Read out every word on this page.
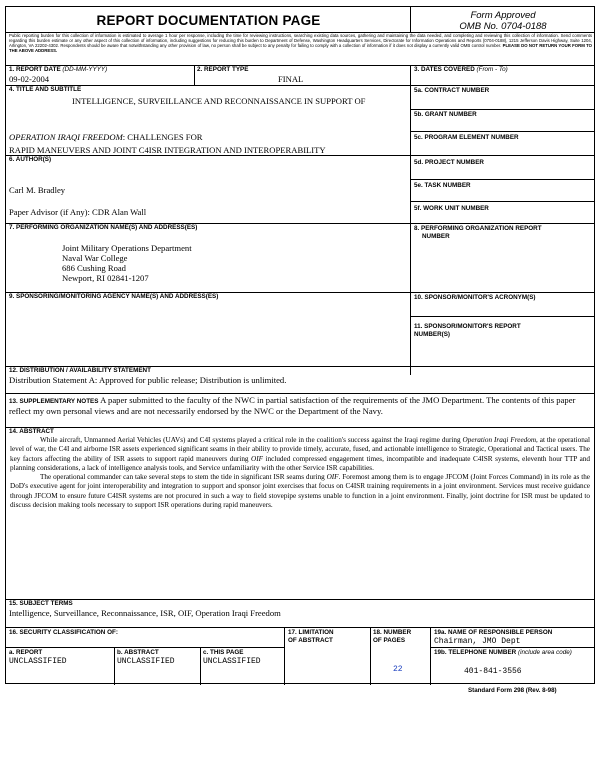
REPORT DOCUMENTATION PAGE	Form Approved
OMB No. 0704-0188
Public reporting burden for this collection of information is estimated to average 1 hour per response, including the time for reviewing instructions, searching existing data sources, gathering and maintaining the data needed, and completing and reviewing this collection of information. Send comments regarding this burden estimate or any other aspect of this collection of information, including suggestions for reducing this burden to Department of Defense, Washington Headquarters Services, Directorate for Information Operations and Reports (0704-0188), 1215 Jefferson Davis Highway, Suite 1204, Arlington, VA 22202-4302. Respondents should be aware that notwithstanding any other provision of law, no person shall be subject to any penalty for failing to comply with a collection of information if it does not display a currently valid OMB control number. PLEASE DO NOT RETURN YOUR FORM TO THE ABOVE ADDRESS.
1. REPORT DATE (DD-MM-YYYY)
09-02-2004
2. REPORT TYPE
FINAL
3. DATES COVERED (From - To)
4. TITLE AND SUBTITLE
INTELLIGENCE, SURVEILLANCE AND RECONNAISSANCE IN SUPPORT OF
OPERATION IRAQI FREEDOM: CHALLENGES FOR
RAPID MANEUVERS AND JOINT C4ISR INTEGRATION AND INTEROPERABILITY
5a. CONTRACT NUMBER
5b. GRANT NUMBER
5c. PROGRAM ELEMENT NUMBER
6. AUTHOR(S)
Carl M. Bradley
Paper Advisor (if Any): CDR Alan Wall
5d. PROJECT NUMBER
5e. TASK NUMBER
5f. WORK UNIT NUMBER
7. PERFORMING ORGANIZATION NAME(S) AND ADDRESS(ES)
Joint Military Operations Department
Naval War College
686 Cushing Road
Newport, RI 02841-1207
8. PERFORMING ORGANIZATION REPORT
NUMBER
9. SPONSORING/MONITORING AGENCY NAME(S) AND ADDRESS(ES)	10. SPONSOR/MONITOR'S ACRONYM(S)
11. SPONSOR/MONITOR'S REPORT
NUMBER(S)
12. DISTRIBUTION / AVAILABILITY STATEMENT
Distribution Statement A: Approved for public release; Distribution is unlimited.
13. SUPPLEMENTARY NOTES A paper submitted to the faculty of the NWC in partial satisfaction of the requirements of the JMO Department. The contents of this paper reflect my own personal views and are not necessarily endorsed by the NWC or the Department of the Navy.
14. ABSTRACT

While aircraft, Unmanned Aerial Vehicles (UAVs) and C4I systems played a critical role in the coalition's success against the Iraqi regime during Operation Iraqi Freedom, at the operational level of war, the C4I and airborne ISR assets experienced significant seams in their ability to provide timely, accurate, fused, and actionable intelligence to Strategic, Operational and Tactical users. The key factors affecting the ability of ISR assets to support rapid maneuvers during OIF included compressed engagement times, incompatible and inadequate C4ISR systems, eleventh hour TTP and planning considerations, a lack of intelligence analysis tools, and Service unfamiliarity with the other Service ISR capabilities.

The operational commander can take several steps to stem the tide in significant ISR seams during OIF. Foremost among them is to engage JFCOM (Joint Forces Command) in its role as the DoD's executive agent for joint interoperability and integration to support and sponsor joint exercises that focus on C4ISR training requirements in a joint environment. Services must receive guidance through JFCOM to ensure future C4ISR systems are not procured in such a way to field stovepipe systems unable to function in a joint environment. Finally, joint doctrine for ISR must be updated to discuss decision making tools necessary to support ISR operations during rapid maneuvers.

15. SUBJECT TERMS
Intelligence, Surveillance, Reconnaissance, ISR, OIF, Operation Iraqi Freedom
16. SECURITY CLASSIFICATION OF:
a. REPORT
UNCLASSIFIED
b. ABSTRACT
UNCLASSIFIED
c. THIS PAGE
UNCLASSIFIED
17. LIMITATION
OF ABSTRACT
18. NUMBER
OF PAGES
22
19a. NAME OF RESPONSIBLE PERSON
Chairman, JMO Dept
19b. TELEPHONE NUMBER (include area code)
401-841-3556
Standard Form 298 (Rev. 8-98)
